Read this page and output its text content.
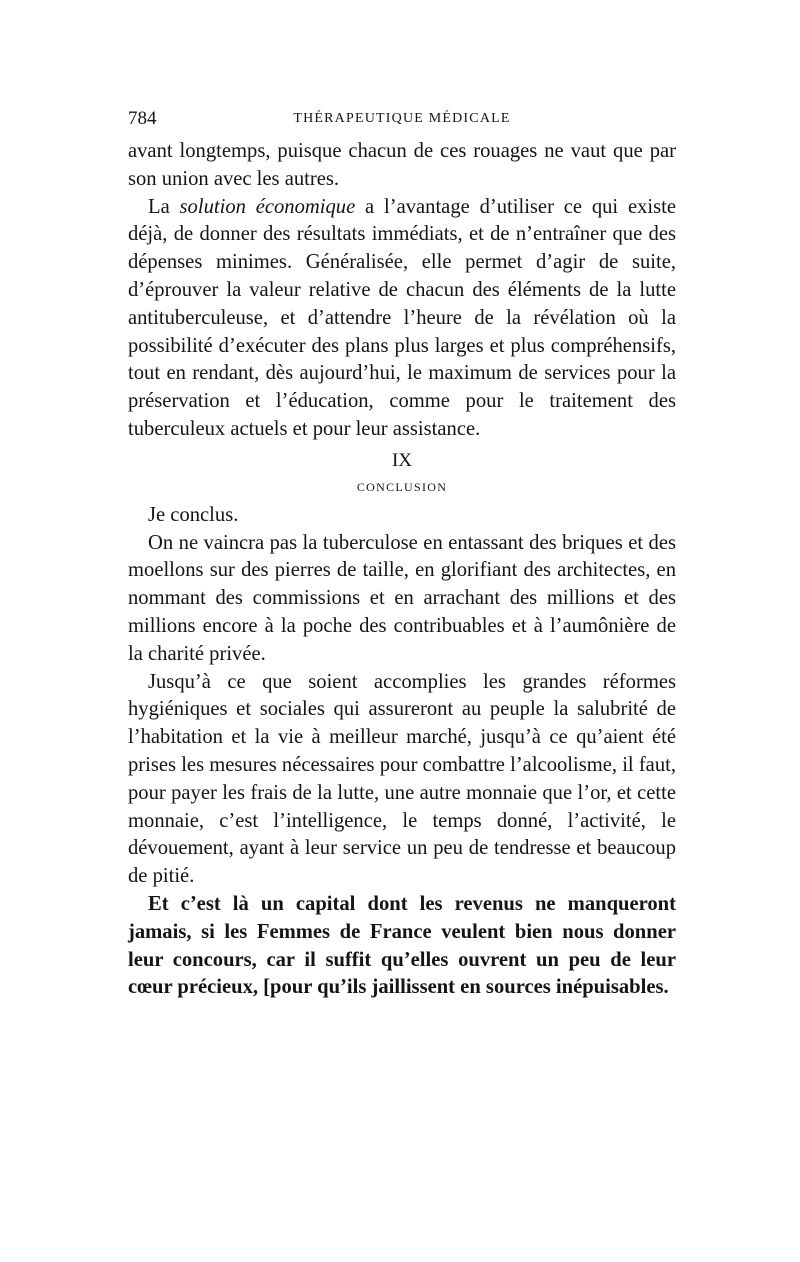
784	THÉRAPEUTIQUE MÉDICALE

avant longtemps, puisque chacun de ces rouages ne vaut que par son union avec les autres.

La solution économique a l’avantage d’utiliser ce qui existe déjà, de donner des résultats immédiats, et de n’entraîner que des dépenses minimes. Généralisée, elle permet d’agir de suite, d’éprouver la valeur relative de chacun des éléments de la lutte antituberculeuse, et d’attendre l’heure de la révélation où la possibilité d’exécuter des plans plus larges et plus compréhensifs, tout en rendant, dès aujourd’hui, le maximum de services pour la préservation et l’éducation, comme pour le traitement des tuberculeux actuels et pour leur assistance.

IX
CONCLUSION

Je conclus.

On ne vaincra pas la tuberculose en entassant des briques et des moellons sur des pierres de taille, en glorifiant des architectes, en nommant des commissions et en arrachant des millions et des millions encore à la poche des contribuables et à l’aumônière de la charité privée.

Jusqu’à ce que soient accomplies les grandes réformes hygiéniques et sociales qui assureront au peuple la salubrité de l’habitation et la vie à meilleur marché, jusqu’à ce qu’aient été prises les mesures nécessaires pour combattre l’alcoolisme, il faut, pour payer les frais de la lutte, une autre monnaie que l’or, et cette monnaie, c’est l’intelligence, le temps donné, l’activité, le dévouement, ayant à leur service un peu de tendresse et beaucoup de pitié.

Et c’est là un capital dont les revenus ne manqueront jamais, si les Femmes de France veulent bien nous donner leur concours, car il suffit qu’elles ouvrent un peu de leur cœur précieux, [pour qu’ils jaillissent en sources inépuisables.
